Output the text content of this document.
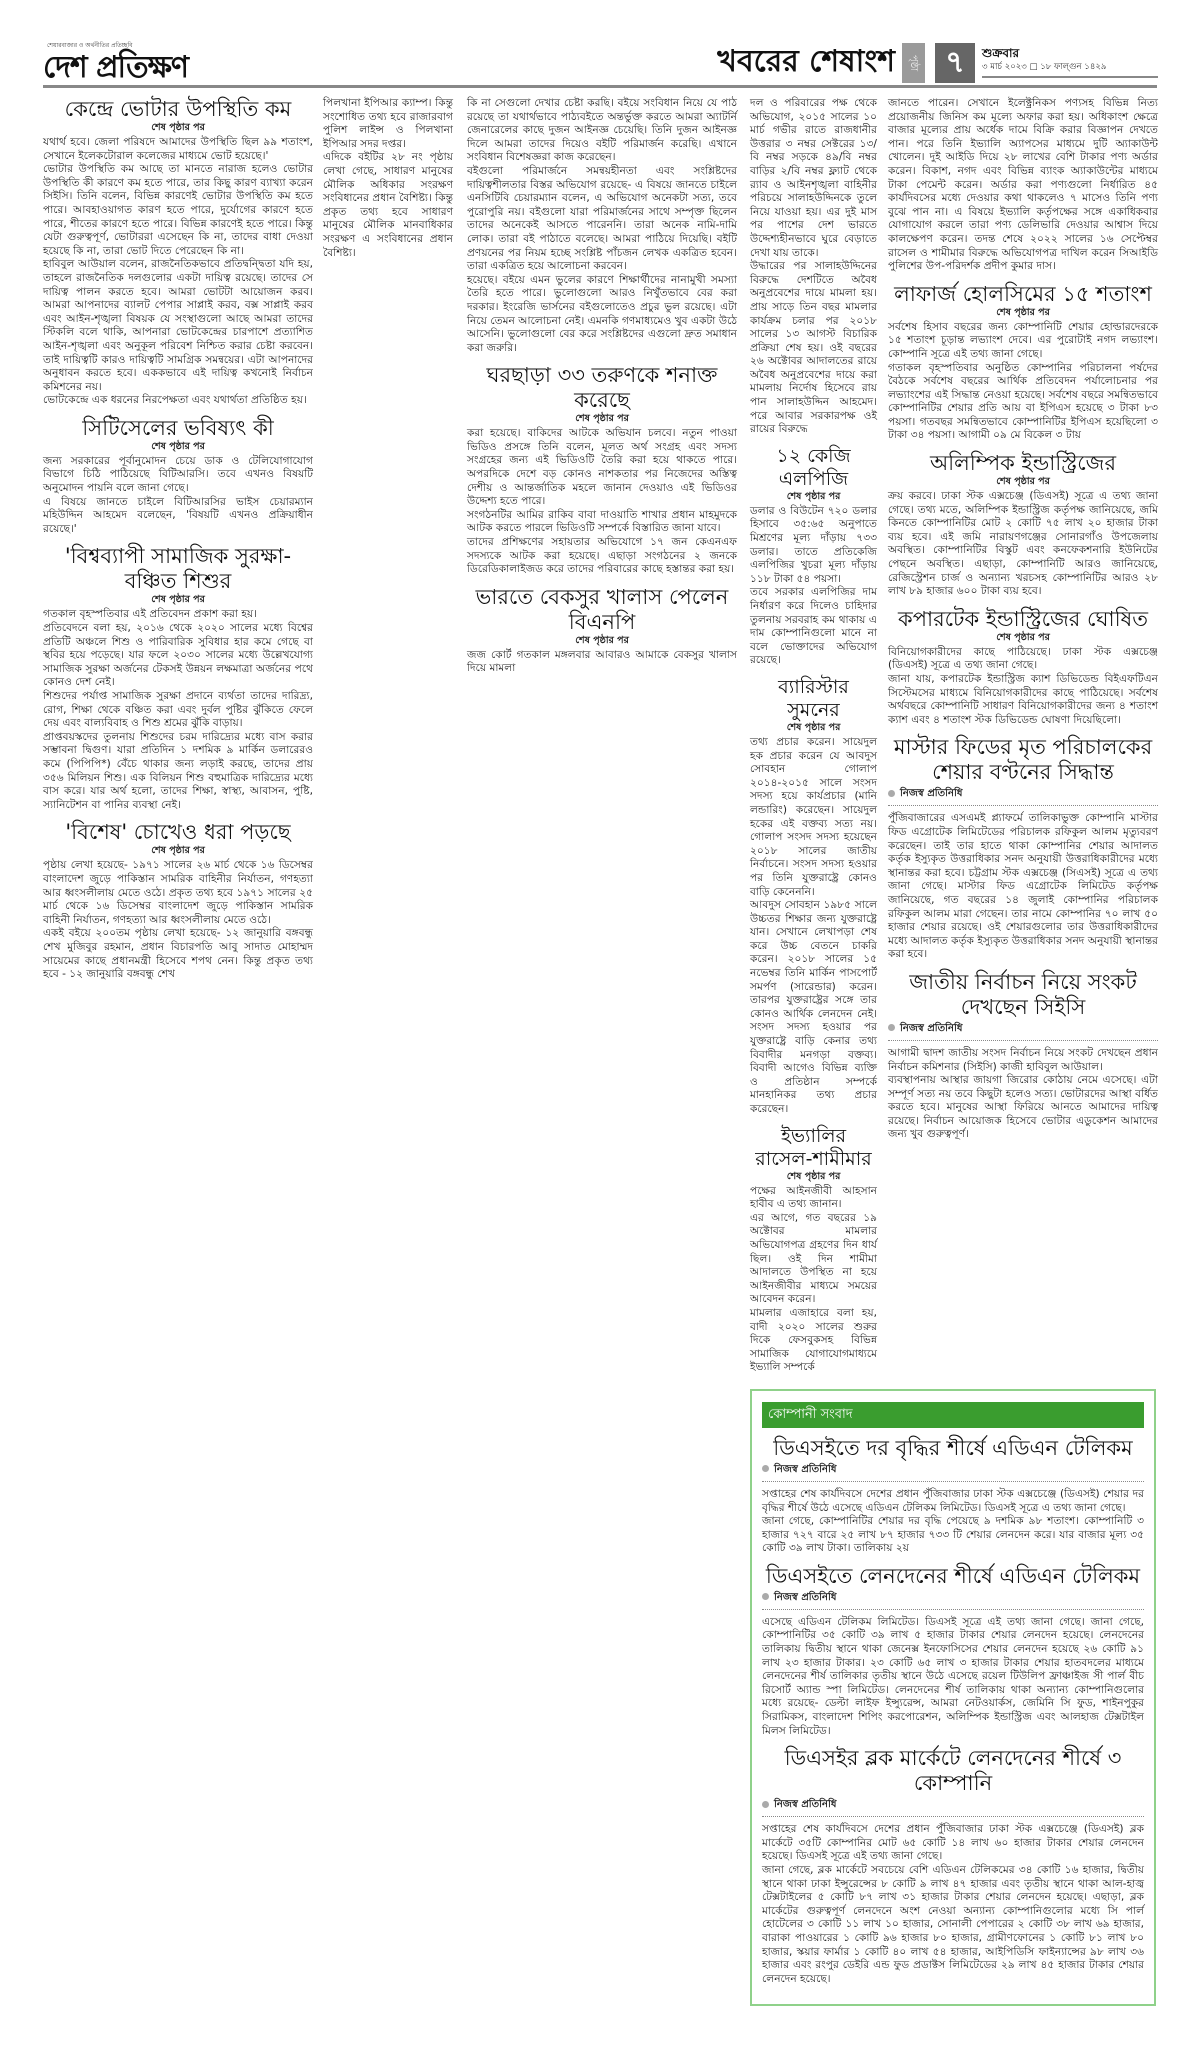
শেয়ারবাজার ও অর্থনীতির প্রতিচ্ছবি
দেশ প্রতিক্ষণ	খবরের শেষাংশ	পৃষ্ঠা ৭	শুক্রবার
৩ মার্চ ২০২৩ □ ১৮ ফাল্গুন ১৪২৯
কেন্দ্রে ভোটার উপস্থিতি কম
শেষ পৃষ্ঠার পর

যথার্থ হবে। জেলা পরিষদে আমাদের উপস্থিতি ছিল ৯৯ শতাংশ, সেখানে ইলেকটোরাল কলেজের মাধ্যমে ভোট হয়েছে।'

ভোটার উপস্থিতি কম আছে তা মানতে নারাজ হলেও ভোটার উপস্থিতি কী কারণে কম হতে পারে, তার কিছু কারণ ব্যাখ্যা করেন সিইসি। তিনি বলেন, বিভিন্ন কারণেই ভোটার উপস্থিতি কম হতে পারে। আবহাওয়াগত কারণ হতে পারে, দুর্যোগের কারণে হতে পারে, শীতের কারণে হতে পারে। বিভিন্ন কারণেই হতে পারে। কিন্তু যেটা গুরুত্বপূর্ণ, ভোটাররা এসেছেন কি না, তাদের বাধা দেওয়া হয়েছে কি না, তারা ভোট দিতে পেরেছেন কি না।

হাবিবুল আউয়াল বলেন, রাজনৈতিকভাবে প্রতিদ্বন্দ্বিতা যদি হয়, তাহলে রাজনৈতিক দলগুলোর একটা দায়িত্ব রয়েছে। তাদের সে দায়িত্ব পালন করতে হবে। আমরা ভোটটা আয়োজন করব। আমরা আপনাদের ব্যালট পেপার সাপ্লাই করব, বক্স সাপ্লাই করব এবং আইন-শৃঙ্খলা বিষয়ক যে সংস্থাগুলো আছে আমরা তাদের স্টিকলি বলে থাকি, আপনারা ভোটকেন্দ্রের চারপাশে প্রত্যাশিত আইন-শৃঙ্খলা এবং অনুকূল পরিবেশ নিশ্চিত করার চেষ্টা করবেন। তাই দায়িত্বটি কারও দায়িত্বটি সামগ্রিক সমন্বয়ের। এটা আপনাদের অনুধাবন করতে হবে। এককভাবে এই দায়িত্ব কখনোই নির্বাচন কমিশনের নয়।

ভোটকেন্দ্রে এক ধরনের নিরপেক্ষতা এবং যথার্থতা প্রতিষ্ঠিত হয়।

সিটিসেলের ভবিষ্যৎ কী
শেষ পৃষ্ঠার পর

জন্য সরকারের পূর্বানুমোদন চেয়ে ডাক ও টেলিযোগাযোগ বিভাগে চিঠি পাঠিয়েছে বিটিআরসি। তবে এখনও বিষয়টি অনুমোদন পায়নি বলে জানা গেছে।

এ বিষয়ে জানতে চাইলে বিটিআরসির ভাইস চেয়ারম্যান মহিউদ্দিন আহমেদ বলেছেন, 'বিষয়টি এখনও প্রক্রিয়াধীন রয়েছে।'

'বিশ্বব্যাপী সামাজিক সুরক্ষা-বঞ্চিত শিশুর
শেষ পৃষ্ঠার পর

গতকাল বৃহস্পতিবার এই প্রতিবেদন প্রকাশ করা হয়।

প্রতিবেদনে বলা হয়, ২০১৬ থেকে ২০২০ সালের মধ্যে বিশ্বের প্রতিটি অঞ্চলে শিশু ও পারিবারিক সুবিধার হার কমে গেছে বা স্থবির হয়ে পড়েছে। যার ফলে ২০৩০ সালের মধ্যে উল্লেখযোগ্য সামাজিক সুরক্ষা অর্জনের টেকসই উন্নয়ন লক্ষমাত্রা অর্জনের পথে কোনও দেশ নেই।

শিশুদের পর্যাপ্ত সামাজিক সুরক্ষা প্রদানে ব্যর্থতা তাদের দারিদ্র্য, রোগ, শিক্ষা থেকে বঞ্চিত করা এবং দুর্বল পুষ্টির ঝুঁকিতে ফেলে দেয় এবং বাল্যবিবাহ ও শিশু শ্রমের ঝুঁকি বাড়ায়।

প্রাপ্তবয়স্কদের তুলনায় শিশুদের চরম দারিদ্র্যের মধ্যে বাস করার সম্ভাবনা দ্বিগুণ। যারা প্রতিদিন ১ দশমিক ৯ মার্কিন ডলারেরও কমে (পিপিপি*) বেঁচে থাকার জন্য লড়াই করছে, তাদের প্রায় ৩৫৬ মিলিয়ন শিশু। এক বিলিয়ন শিশু বহুমাত্রিক দারিদ্র্যের মধ্যে বাস করে। যার অর্থ হলো, তাদের শিক্ষা, স্বাস্থ্য, আবাসন, পুষ্টি, স্যানিটেশন বা পানির ব্যবস্থা নেই।

'বিশেষ' চোখেও ধরা পড়ছে
শেষ পৃষ্ঠার পর

পৃষ্ঠায় লেখা হয়েছে- ১৯৭১ সালের ২৬ মার্চ থেকে ১৬ ডিসেম্বর বাংলাদেশ জুড়ে পাকিস্তান সামরিক বাহিনীর নির্যাতন, গণহত্যা আর ধ্বংসলীলায় মেতে ওঠে। প্রকৃত তথ্য হবে ১৯৭১ সালের ২৫ মার্চ থেকে ১৬ ডিসেম্বর বাংলাদেশ জুড়ে পাকিস্তান সামরিক বাহিনী নির্যাতন, গণহত্যা আর ধ্বংসলীলায় মেতে ওঠে।

একই বইয়ে ২০০তম পৃষ্ঠায় লেখা হয়েছে- ১২ জানুয়ারি বঙ্গবন্ধু শেখ মুজিবুর রহমান, প্রধান বিচারপতি আবু সাদাত মোহাম্মদ সায়েমের কাছে প্রধানমন্ত্রী হিসেবে শপথ নেন। কিন্তু প্রকৃত তথ্য হবে - ১২ জানুয়ারি বঙ্গবন্ধু শেখ

পিলখানা ইপিআর ক্যাম্প। কিন্তু সংশোধিত তথ্য হবে রাজারবাগ পুলিশ লাইন্স ও পিলখানা ইপিআর সদর দপ্তর।

এদিকে বইটির ২৮ নং পৃষ্ঠায় লেখা গেছে, সাধারণ মানুষের মৌলিক অধিকার সংরক্ষণ সংবিধানের প্রধান বৈশিষ্ট্য। কিন্তু প্রকৃত তথ্য হবে সাধারণ মানুষের মৌলিক মানবাধিকার সংরক্ষণ এ সংবিধানের প্রধান বৈশিষ্ট্য।

কি না সেগুলো দেখার চেষ্টা করছি। বইয়ে সংবিধান নিয়ে যে পাঠ রয়েছে তা যথার্থভাবে পাঠ্যবইতে অন্তর্ভুক্ত করতে আমরা অ্যাটর্নি জেনারেলের কাছে দুজন আইনজ্ঞ চেয়েছি। তিনি দুজন আইনজ্ঞ দিলে আমরা তাদের দিয়েও বইটি পরিমার্জন করেছি। এখানে সংবিধান বিশেষজ্ঞরা কাজ করেছেন।

বইগুলো পরিমার্জনে সমন্বয়হীনতা এবং সংশ্লিষ্টদের দায়িত্বশীলতার বিস্তর অভিযোগ রয়েছে- এ বিষয়ে জানতে চাইলে এনসিটিবি চেয়ারম্যান বলেন, এ অভিযোগ অনেকটা সত্য, তবে পুরোপুরি নয়। বইগুলো যারা পরিমার্জনের সাথে সম্পৃক্ত ছিলেন তাদের অনেকেই আসতে পারেননি। তারা অনেক নামি-দামি লোক। তারা বই পাঠাতে বলেছে। আমরা পাঠিয়ে দিয়েছি। বইটি প্রণয়নের পর নিয়ম হচ্ছে সংশ্লিষ্ট পাঁচজন লেখক একত্রিত হবেন। তারা একত্রিত হয়ে আলোচনা করবেন।

হয়েছে। বইয়ে এমন ভুলের কারণে শিক্ষার্থীদের নানামুখী সমস্যা তৈরি হতে পারে। ভুলোগুলো আরও নিখুঁতভাবে বের করা দরকার। ইংরেজি ভার্সনের বইগুলোতেও প্রচুর ভুল রয়েছে। এটা নিয়ে তেমন আলোচনা নেই। এমনকি গণমাধ্যমেও খুব একটা উঠে আসেনি। ভুলোগুলো বের করে সংশ্লিষ্টদের এগুলো দ্রুত সমাধান করা জরুরি।

ঘরছাড়া ৩৩ তরুণকে শনাক্ত করেছে
শেষ পৃষ্ঠার পর

করা হয়েছে। বাকিদের আটকে অভিযান চলবে। নতুন পাওয়া ভিডিও প্রসঙ্গে তিনি বলেন, মূলত অর্থ সংগ্রহ এবং সদস্য সংগ্রহের জন্য এই ভিডিওটি তৈরি করা হয়ে থাকতে পারে। অপরদিকে দেশে বড় কোনও নাশকতার পর নিজেদের অস্তিত্ব দেশীয় ও আন্তর্জাতিক মহলে জানান দেওয়াও এই ভিডিওর উদ্দেশ্য হতে পারে।

সংগঠনটির আমির রাকিব বাবা দাওয়াতি শাখার প্রধান মাহমুদকে আটক করতে পারলে ভিডিওটি সম্পর্কে বিস্তারিত জানা যাবে।

তাদের প্রশিক্ষণের সহায়তার অভিযোগে ১৭ জন কেএনএফ সদস্যকে আটক করা হয়েছে। এছাড়া সংগঠনের ২ জনকে ডিরেডিকালাইজড করে তাদের পরিবারের কাছে হস্তান্তর করা হয়।

ভারতে বেকসুর খালাস পেলেন বিএনপি
শেষ পৃষ্ঠার পর

জজ কোর্ট গতকাল মঙ্গলবার আবারও আমাকে বেকসুর খালাস দিয়ে মামলা

দল ও পরিবারের পক্ষ থেকে অভিযোগ, ২০১৫ সালের ১০ মার্চ গভীর রাতে রাজধানীর উত্তরার ৩ নম্বর সেক্টরের ১৩/বি নম্বর সড়কে ৪৯/বি নম্বর বাড়ির ২/বি নম্বর ফ্ল্যাট থেকে র‌্যাব ও আইনশৃঙ্খলা বাহিনীর পরিচয়ে সালাহউদ্দিনকে তুলে নিয়ে যাওয়া হয়। এর দুই মাস পর পাশের দেশ ভারতে উদ্দেশ্যহীনভাবে ঘুরে বেড়াতে দেখা যায় তাকে।

উদ্ধারের পর সালাহউদ্দিনের বিরুদ্ধে দেশটিতে অবৈধ অনুপ্রবেশের দায়ে মামলা হয়। প্রায় সাড়ে তিন বছর মামলার কার্যক্রম চলার পর ২০১৮ সালের ১৩ আগস্ট বিচারিক প্রক্রিয়া শেষ হয়। ওই বছরের ২৬ অক্টোবর আদালতের রায়ে অবৈধ অনুপ্রবেশের দায়ে করা মামলায় নির্দোষ হিসেবে রায় পান সালাহউদ্দিন আহমেদ। পরে আবার সরকারপক্ষ ওই রায়ের বিরুদ্ধে

১২ কেজি এলপিজি
শেষ পৃষ্ঠার পর

ডলার ও বিউটেন ৭২০ ডলার হিসাবে ৩৫:৬৫ অনুপাতে মিশ্রণের মূল্য দাঁড়ায় ৭৩৩ ডলার। তাতে প্রতিকেজি এলপিজির খুচরা মূল্য দাঁড়ায় ১১৮ টাকা ৫৪ পয়সা।

তবে সরকার এলপিজির দাম নির্ধারণ করে দিলেও চাহিদার তুলনায় সরবরাহ কম থাকায় এ দাম কোম্পানিগুলো মানে না বলে ভোক্তাদের অভিযোগ রয়েছে।

ব্যারিস্টার সুমনের
শেষ পৃষ্ঠার পর

তথ্য প্রচার করেন। সায়েদুল হক প্রচার করেন যে আবদুস সোবহান গোলাপ ২০১৪-২০১৫ সালে সংসদ সদস্য হয়ে কার্যপ্রচার (মানি লন্ডারিং) করেছেন। সায়েদুল হকের এই বক্তব্য সত্য নয়। গোলাপ সংসদ সদস্য হয়েছেন ২০১৮ সালের জাতীয় নির্বাচনে। সংসদ সদস্য হওয়ার পর তিনি যুক্তরাষ্ট্রে কোনও বাড়ি কেনেননি।

আবদুস সোবহান ১৯৮৫ সালে উচ্চতর শিক্ষার জন্য যুক্তরাষ্ট্রে যান। সেখানে লেখাপড়া শেষ করে উচ্চ বেতনে চাকরি করেন। ২০১৮ সালের ১৫ নভেম্বর তিনি মার্কিন পাসপোর্ট সমর্পণ (সারেন্ডার) করেন। তারপর যুক্তরাষ্ট্রের সঙ্গে তার কোনও আর্থিক লেনদেন নেই। সংসদ সদস্য হওয়ার পর যুক্তরাষ্ট্রে বাড়ি কেনার তথ্য বিবাদীর মনগড়া বক্তব্য। বিবাদী আগেও বিভিন্ন ব্যক্তি ও প্রতিষ্ঠান সম্পর্কে মানহানিকর তথ্য প্রচার করেছেন।

ইভ্যালির রাসেল-শামীমার
শেষ পৃষ্ঠার পর

পক্ষের আইনজীবী আহসান হাবীব এ তথ্য জানান।

এর আগে, গত বছরের ১৯ অক্টোবর মামলার অভিযোগপত্র গ্রহণের দিন ধার্য ছিল। ওই দিন শামীমা আদালতে উপস্থিত না হয়ে আইনজীবীর মাধ্যমে সময়ের আবেদন করেন।

মামলার এজাহারে বলা হয়, বাদী ২০২০ সালের শুরুর দিকে ফেসবুকসহ বিভিন্ন সামাজিক যোগাযোগমাধ্যমে ইভ্যালি সম্পর্কে

জানতে পারেন। সেখানে ইলেক্ট্রনিকস পণ্যসহ বিভিন্ন নিত্য প্রয়োজনীয় জিনিস কম মূল্যে অফার করা হয়। অধিকাংশ ক্ষেত্রে বাজার মূল্যের প্রায় অর্ধেক দামে বিক্রি করার বিজ্ঞাপন দেখতে পান। পরে তিনি ইভ্যালি অ্যাপসের মাধ্যমে দুটি অ্যাকাউন্ট খোলেন। দুই আইডি দিয়ে ২৮ লাখের বেশি টাকার পণ্য অর্ডার করেন। বিকাশ, নগদ এবং বিভিন্ন ব্যাংক অ্যাকাউন্টের মাধ্যমে টাকা পেমেন্ট করেন। অর্ডার করা পণ্যগুলো নির্ধারিত ৪৫ কার্যদিবসের মধ্যে দেওয়ার কথা থাকলেও ৭ মাসেও তিনি পণ্য বুঝে পান না। এ বিষয়ে ইভ্যালি কর্তৃপক্ষের সঙ্গে একাধিকবার যোগাযোগ করলে তারা পণ্য ডেলিভারি দেওয়ার আশ্বাস দিয়ে কালক্ষেপণ করেন। তদন্ত শেষে ২০২২ সালের ১৬ সেপ্টেম্বর রাসেল ও শামীমার বিরুদ্ধে অভিযোগপত্র দাখিল করেন সিআইডি পুলিশের উপ-পরিদর্শক প্রদীপ কুমার দাস।

লাফার্জ হোলসিমের ১৫ শতাংশ
শেষ পৃষ্ঠার পর

সর্বশেষ হিসাব বছরের জন্য কোম্পানিটি শেয়ার হোল্ডারদেরকে ১৫ শতাংশ চূড়ান্ত লভ্যাংশ দেবে। এর পুরোটাই নগদ লভ্যাংশ। কোম্পানি সূত্রে এই তথ্য জানা গেছে।

গতাকল বৃহস্পতিবার অনুষ্ঠিত কোম্পানির পরিচালনা পর্ষদের বৈঠকে সর্বশেষ বছরের আর্থিক প্রতিবেদন পর্যালোচনার পর লভ্যাংশের এই সিদ্ধান্ত নেওয়া হয়েছে। সর্বশেষ বছরে সমন্বিতভাবে কোম্পানিটির শেয়ার প্রতি আয় বা ইপিএস হয়েছে ৩ টাকা ৮৩ পয়সা। গতবছর সমন্বিতভাবে কোম্পানিটির ইপিএস হয়েছিলো ৩ টাকা ৩৪ পয়সা। আগামী ০৯ মে বিকেল ৩ টায়

অলিম্পিক ইন্ডাস্ট্রিজের
শেষ পৃষ্ঠার পর

ক্রয় করবে। ঢাকা স্টক এক্সচেঞ্জ (ডিএসই) সূত্রে এ তথ্য জানা গেছে। তথ্য মতে, অলিম্পিক ইন্ডাস্ট্রিজ কর্তৃপক্ষ জানিয়েছে, জমি কিনতে কোম্পানিটির মোট ২ কোটি ৭৫ লাখ ২০ হাজার টাকা ব্যয় হবে। এই জমি নারায়ণগঞ্জের সোনারগাঁও উপজেলায় অবস্থিত। কোম্পানিটির বিস্কুট এবং কনফেকশনারি ইউনিটের পেছনে অবস্থিত। এছাড়া, কোম্পানিটি আরও জানিয়েছে, রেজিস্ট্রেশন চার্জ ও অন্যান্য খরচসহ কোম্পানিটির আরও ২৮ লাখ ৮৯ হাজার ৬০০ টাকা ব্যয় হবে।

কপারটেক ইন্ডাস্ট্রিজের ঘোষিত
শেষ পৃষ্ঠার পর

বিনিয়োগকারীদের কাছে পাঠিয়েছে। ঢাকা স্টক এক্সচেঞ্জ (ডিএসই) সূত্রে এ তথ্য জানা গেছে।

জানা যায়, কপারটেক ইন্ডাস্ট্রিজ ক্যাশ ডিভিডেন্ড বিইএফটিএন সিস্টেমসের মাধ্যমে বিনিয়োগকারীদের কাছে পাঠিয়েছে। সর্বশেষ অর্থবছরে কোম্পানিটি সাধারণ বিনিয়োগকারীদের জন্য ৪ শতাংশ ক্যাশ এবং ৪ শতাংশ স্টক ডিভিডেন্ড ঘোষণা দিয়েছিলো।

মাস্টার ফিডের মৃত পরিচালকের শেয়ার বণ্টনের সিদ্ধান্ত
নিজস্ব প্রতিনিধি

পুঁজিবাজারের এসএমই প্ল্যাফর্মে তালিকাভুক্ত কোম্পানি মাস্টার ফিড এগ্রোটেক লিমিটেডের পরিচালক রফিকুল আলম মৃত্যুবরণ করেছেন। তাই তার হাতে থাকা কোম্পানির শেয়ার আদালত কর্তৃক ইস্যুকৃত উত্তরাধিকার সনদ অনুযায়ী উত্তরাধিকারীদের মধ্যে স্থানান্তর করা হবে। চট্টগ্রাম স্টক এক্সচেঞ্জ (সিএসই) সূত্রে এ তথ্য জানা গেছে। মাস্টার ফিড এগ্রোটেক লিমিটেড কর্তৃপক্ষ জানিয়েছে, গত বছরের ১৪ জুলাই কোম্পানির পরিচালক রফিকুল আলম মারা গেছেন। তার নামে কোম্পানির ৭০ লাখ ৫০ হাজার শেয়ার রয়েছে। ওই শেয়ারগুলোর তার উত্তরাধিকারীদের মধ্যে আদালত কর্তৃক ইস্যুকৃত উত্তরাধিকার সনদ অনুযায়ী স্থানান্তর করা হবে।

জাতীয় নির্বাচন নিয়ে সংকট দেখছেন সিইসি
নিজস্ব প্রতিনিধি

আগামী দ্বাদশ জাতীয় সংসদ নির্বাচন নিয়ে সংকট দেখছেন প্রধান নির্বাচন কমিশনার (সিইসি) কাজী হাবিবুল আউয়াল।

ব্যবস্থাপনায় আস্থার জায়গা জিরোর কোঠায় নেমে এসেছে। এটা সম্পূর্ণ সত্য নয় তবে কিছুটা হলেও সত্য। ভোটারদের আস্থা বর্ধিত করতে হবে। মানুষের আস্থা ফিরিয়ে আনতে আমাদের দায়িত্ব রয়েছে। নির্বাচন আয়োজক হিসেবে ভোটার এডুকেশন আমাদের জন্য খুব গুরুত্বপূর্ণ।

কোম্পানী সংবাদ
ডিএসইতে দর বৃদ্ধির শীর্ষে এডিএন টেলিকম
নিজস্ব প্রতিনিধি

সপ্তাহের শেষ কার্যদিবসে দেশের প্রধান পুঁজিবাজার ঢাকা স্টক এক্সচেঞ্জে (ডিএসই) শেয়ার দর বৃদ্ধির শীর্ষে উঠে এসেছে এডিএন টেলিকম লিমিটেড। ডিএসই সূত্রে এ তথ্য জানা গেছে।

জানা গেছে, কোম্পানিটির শেয়ার দর বৃদ্ধি পেয়েছে ৯ দশমিক ৯৮ শতাংশ। কোম্পানিটি ৩ হাজার ৭২৭ বারে ২৫ লাখ ৮৭ হাজার ৭৩৩ টি শেয়ার লেনদেন করে। যার বাজার মূল্য ৩৫ কোটি ৩৯ লাখ টাকা। তালিকায় ২য়

ডিএসইতে লেনদেনের শীর্ষে এডিএন টেলিকম
নিজস্ব প্রতিনিধি

এসেছে এডিএন টেলিকম লিমিটেড। ডিএসই সূত্রে এই তথ্য জানা গেছে। জানা গেছে, কোম্পানিটির ৩৫ কোটি ৩৯ লাখ ৫ হাজার টাকার শেয়ার লেনদেন হয়েছে। লেনদেনের তালিকায় দ্বিতীয় স্থানে থাকা জেনেক্স ইনফোসিসের শেয়ার লেনদেন হয়েছে ২৬ কোটি ৯১ লাখ ২৩ হাজার টাকার। ২৩ কোটি ৬৫ লাখ ৩ হাজার টাকার শেয়ার হাতবদলের মাধ্যমে লেনদেনের শীর্ষ তালিকার তৃতীয় স্থানে উঠে এসেছে রয়েল টিউলিপ ফ্রাঞ্চাইজ সী পার্ল বীচ রিসোর্ট অ্যান্ড স্পা লিমিটেড। লেনদেনের শীর্ষ তালিকায় থাকা অন্যান্য কোম্পানিগুলোর মধ্যে রয়েছে- ডেল্টা লাইফ ইন্স্যুরেন্স, আমরা নেটওয়ার্কস, জেমিনি সি ফুড, শাইনপুকুর সিরামিকস, বাংলাদেশ শিপিং করপোরেশন, অলিম্পিক ইন্ডাস্ট্রিজ এবং আলহাজ টেক্সটাইল মিলস লিমিটেড।

ডিএসইর ব্লক মার্কেটে লেনদেনের শীর্ষে ৩ কোম্পানি
নিজস্ব প্রতিনিধি

সপ্তাহের শেষ কার্যদিবসে দেশের প্রধান পুঁজিবাজার ঢাকা স্টক এক্সচেঞ্জে (ডিএসই) ব্লক মার্কেটে ৩৫টি কোম্পানির মোট ৬৫ কোটি ১৪ লাখ ৬০ হাজার টাকার শেয়ার লেনদেন হয়েছে। ডিএসই সূত্রে এই তথ্য জানা গেছে।

জানা গেছে, ব্লক মার্কেটে সবচেয়ে বেশি এডিএন টেলিকমের ৩৪ কোটি ১৬ হাজার, দ্বিতীয় স্থানে থাকা ঢাকা ইন্সুরেন্সের ৮ কোটি ৯ লাখ ৪৭ হাজার এবং তৃতীয় স্থানে থাকা আল-হাজ্ব টেক্সটাইলের ৫ কোটি ৮৭ লাখ ৩১ হাজার টাকার শেয়ার লেনদেন হয়েছে। এছাড়া, ব্লক মার্কেটের গুরুত্বপূর্ণ লেনদেনে অংশ নেওয়া অন্যান্য কোম্পানিগুলোর মধ্যে সি পার্ল হোটেলের ৩ কোটি ১১ লাখ ১০ হাজার, সোনালী পেপারের ২ কোটি ৩৮ লাখ ৬৯ হাজার, বারাকা পাওয়ারের ১ কোটি ৯৬ হাজার ৮০ হাজার, গ্রামীণফোনের ১ কোটি ৮১ লাখ ৮০ হাজার, স্কয়ার ফার্মার ১ কোটি ৪০ লাখ ৫৪ হাজার, আইপিডিসি ফাইন্যান্সের ৯৮ লাখ ৩৬ হাজার এবং রংপুর ডেইরি এন্ড ফুড প্রডাক্টস লিমিটেডের ২৯ লাখ ৪৫ হাজার টাকার শেয়ার লেনদেন হয়েছে।
